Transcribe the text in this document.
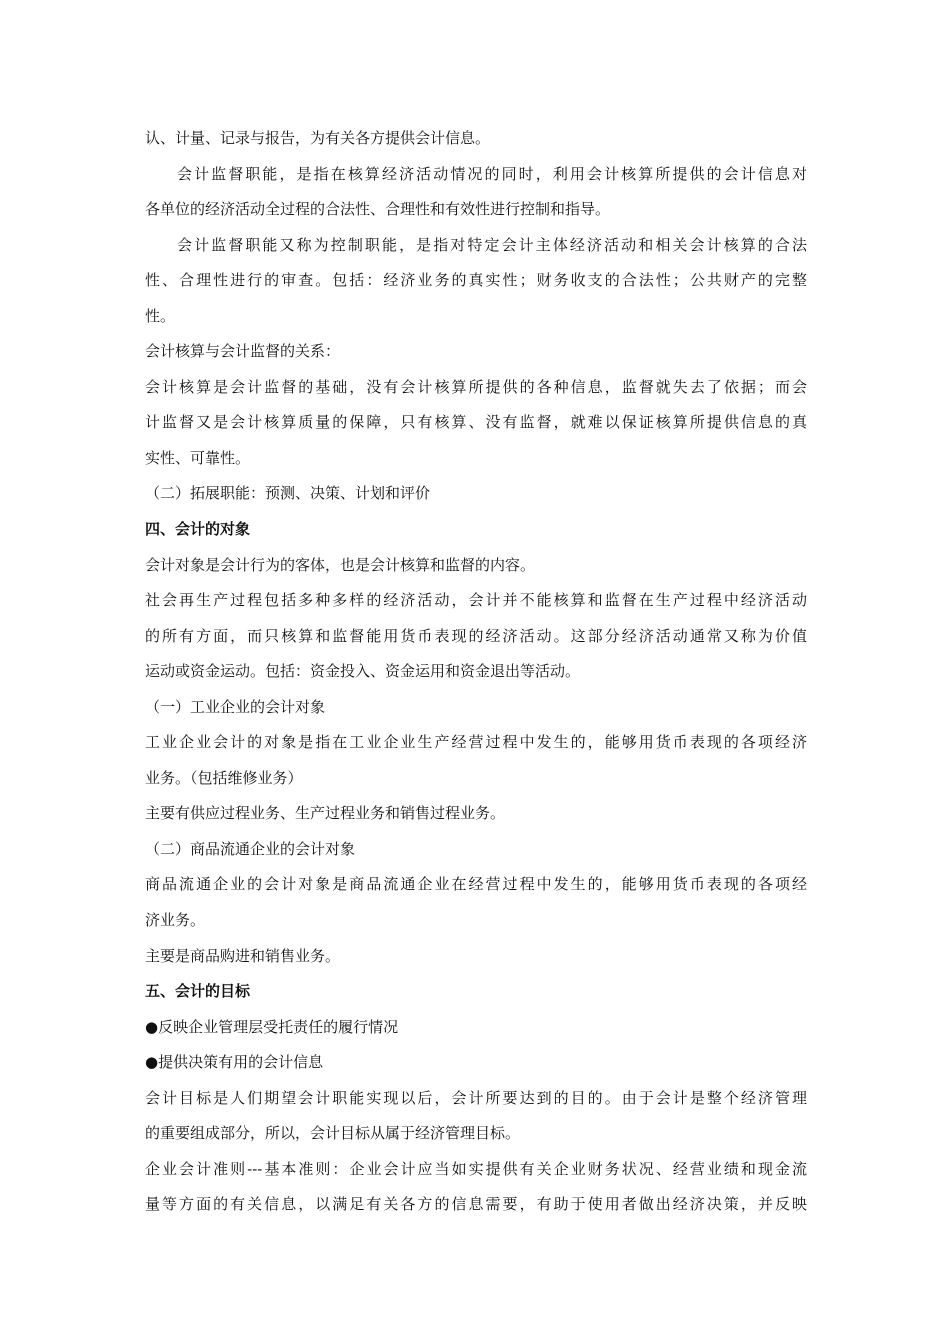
认、计量、记录与报告，为有关各方提供会计信息。
会计监督职能，是指在核算经济活动情况的同时，利用会计核算所提供的会计信息对
各单位的经济活动全过程的合法性、合理性和有效性进行控制和指导。
会计监督职能又称为控制职能，是指对特定会计主体经济活动和相关会计核算的合法
性、合理性进行的审查。包括：经济业务的真实性；财务收支的合法性；公共财产的完整
性。
会计核算与会计监督的关系：
会计核算是会计监督的基础，没有会计核算所提供的各种信息，监督就失去了依据；而会
计监督又是会计核算质量的保障，只有核算、没有监督，就难以保证核算所提供信息的真
实性、可靠性。
（二）拓展职能：预测、决策、计划和评价
四、会计的对象
会计对象是会计行为的客体，也是会计核算和监督的内容。
社会再生产过程包括多种多样的经济活动，会计并不能核算和监督在生产过程中经济活动
的所有方面，而只核算和监督能用货币表现的经济活动。这部分经济活动通常又称为价值
运动或资金运动。包括：资金投入、资金运用和资金退出等活动。
（一）工业企业的会计对象
工业企业会计的对象是指在工业企业生产经营过程中发生的，能够用货币表现的各项经济
业务。（包括维修业务）
主要有供应过程业务、生产过程业务和销售过程业务。
（二）商品流通企业的会计对象
商品流通企业的会计对象是商品流通企业在经营过程中发生的，能够用货币表现的各项经
济业务。
主要是商品购进和销售业务。
五、会计的目标
●反映企业管理层受托责任的履行情况
●提供决策有用的会计信息
会计目标是人们期望会计职能实现以后，会计所要达到的目的。由于会计是整个经济管理
的重要组成部分，所以，会计目标从属于经济管理目标。
企业会计准则---基本准则：企业会计应当如实提供有关企业财务状况、经营业绩和现金流
量等方面的有关信息，以满足有关各方的信息需要，有助于使用者做出经济决策，并反映
